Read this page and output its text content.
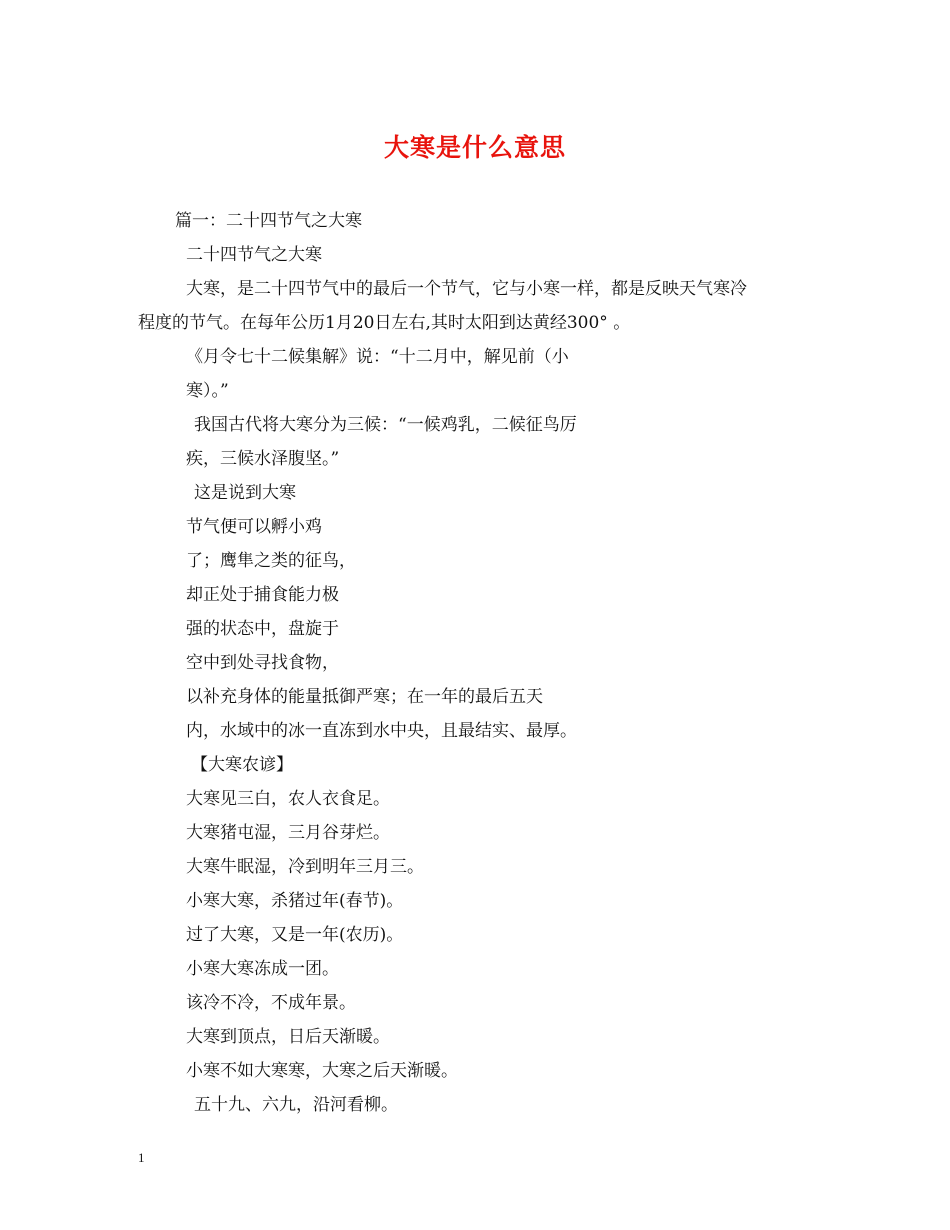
大寒是什么意思
篇一：二十四节气之大寒
二十四节气之大寒
大寒，是二十四节气中的最后一个节气，它与小寒一样，都是反映天气寒冷
程度的节气。在每年公历1月20日左右,其时太阳到达黄经300° 。
《月令七十二候集解》说：“十二月中，解见前（小
寒）。”
我国古代将大寒分为三候：“一候鸡乳，二候征鸟厉
疾，三候水泽腹坚。”
这是说到大寒
节气便可以孵小鸡
了；鹰隼之类的征鸟，
却正处于捕食能力极
强的状态中，盘旋于
空中到处寻找食物，
以补充身体的能量抵御严寒；在一年的最后五天
内，水域中的冰一直冻到水中央，且最结实、最厚。
【大寒农谚】
大寒见三白，农人衣食足。
大寒猪屯湿，三月谷芽烂。
大寒牛眠湿，冷到明年三月三。
小寒大寒，杀猪过年(春节)。
过了大寒，又是一年(农历)。
小寒大寒冻成一团。
该冷不冷，不成年景。
大寒到顶点，日后天渐暖。
小寒不如大寒寒，大寒之后天渐暖。
五十九、六九，沿河看柳。
1
